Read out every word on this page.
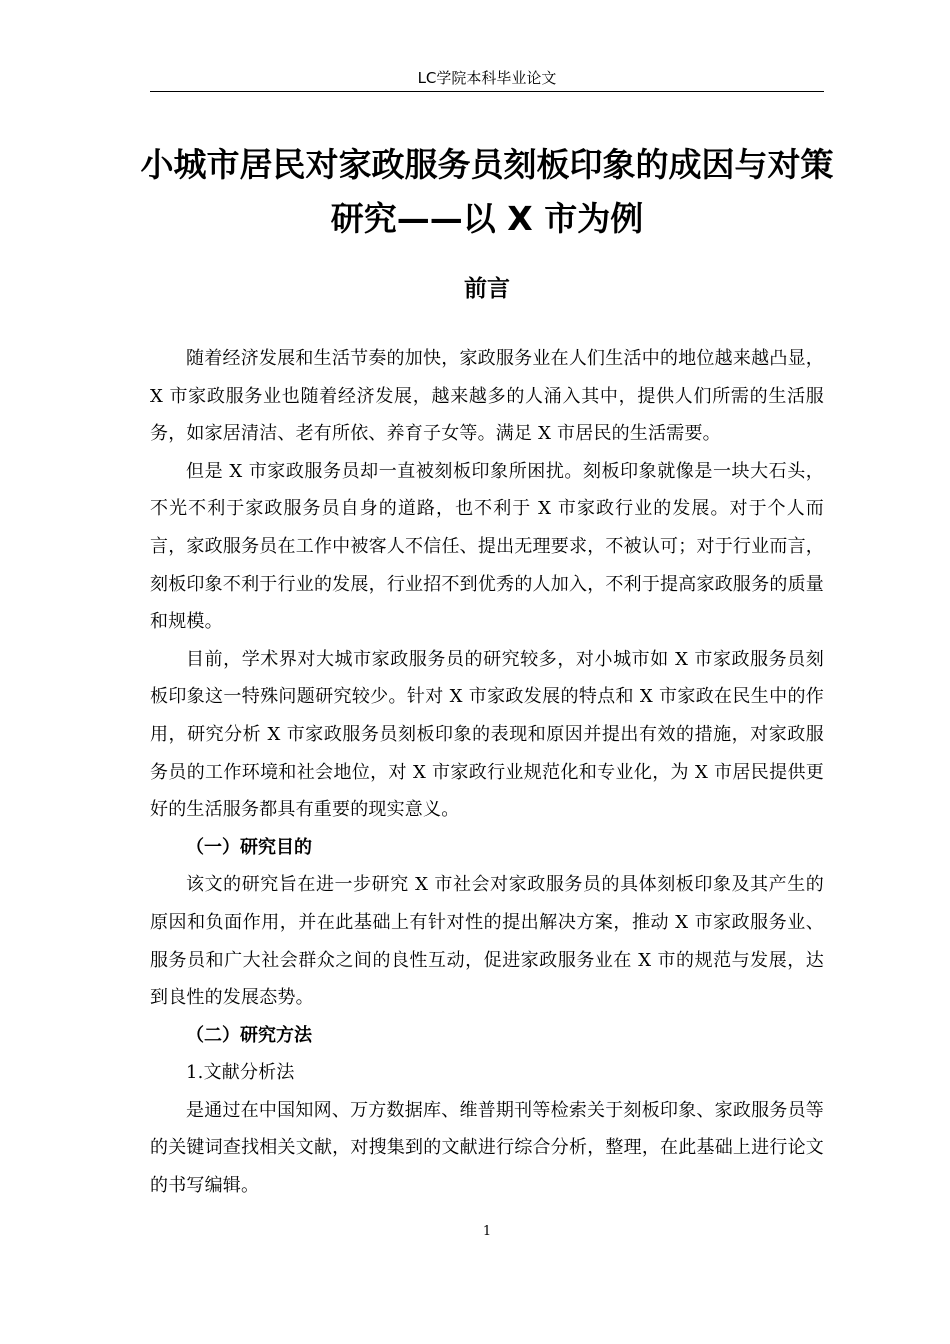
LC学院本科毕业论文
小城市居民对家政服务员刻板印象的成因与对策研究——以 X 市为例
前言

随着经济发展和生活节奏的加快，家政服务业在人们生活中的地位越来越凸显，X 市家政服务业也随着经济发展，越来越多的人涌入其中，提供人们所需的生活服务，如家居清洁、老有所依、养育子女等。满足 X 市居民的生活需要。

但是 X 市家政服务员却一直被刻板印象所困扰。刻板印象就像是一块大石头，不光不利于家政服务员自身的道路，也不利于 X 市家政行业的发展。对于个人而言，家政服务员在工作中被客人不信任、提出无理要求，不被认可；对于行业而言，刻板印象不利于行业的发展，行业招不到优秀的人加入，不利于提高家政服务的质量和规模。

目前，学术界对大城市家政服务员的研究较多，对小城市如 X 市家政服务员刻板印象这一特殊问题研究较少。针对 X 市家政发展的特点和 X 市家政在民生中的作用，研究分析 X 市家政服务员刻板印象的表现和原因并提出有效的措施，对家政服务员的工作环境和社会地位，对 X 市家政行业规范化和专业化，为 X 市居民提供更好的生活服务都具有重要的现实意义。

（一）研究目的

该文的研究旨在进一步研究 X 市社会对家政服务员的具体刻板印象及其产生的原因和负面作用，并在此基础上有针对性的提出解决方案，推动 X 市家政服务业、服务员和广大社会群众之间的良性互动，促进家政服务业在 X 市的规范与发展，达到良性的发展态势。

（二）研究方法

1.文献分析法

是通过在中国知网、万方数据库、维普期刊等检索关于刻板印象、家政服务员等的关键词查找相关文献，对搜集到的文献进行综合分析，整理，在此基础上进行论文的书写编辑。

1
